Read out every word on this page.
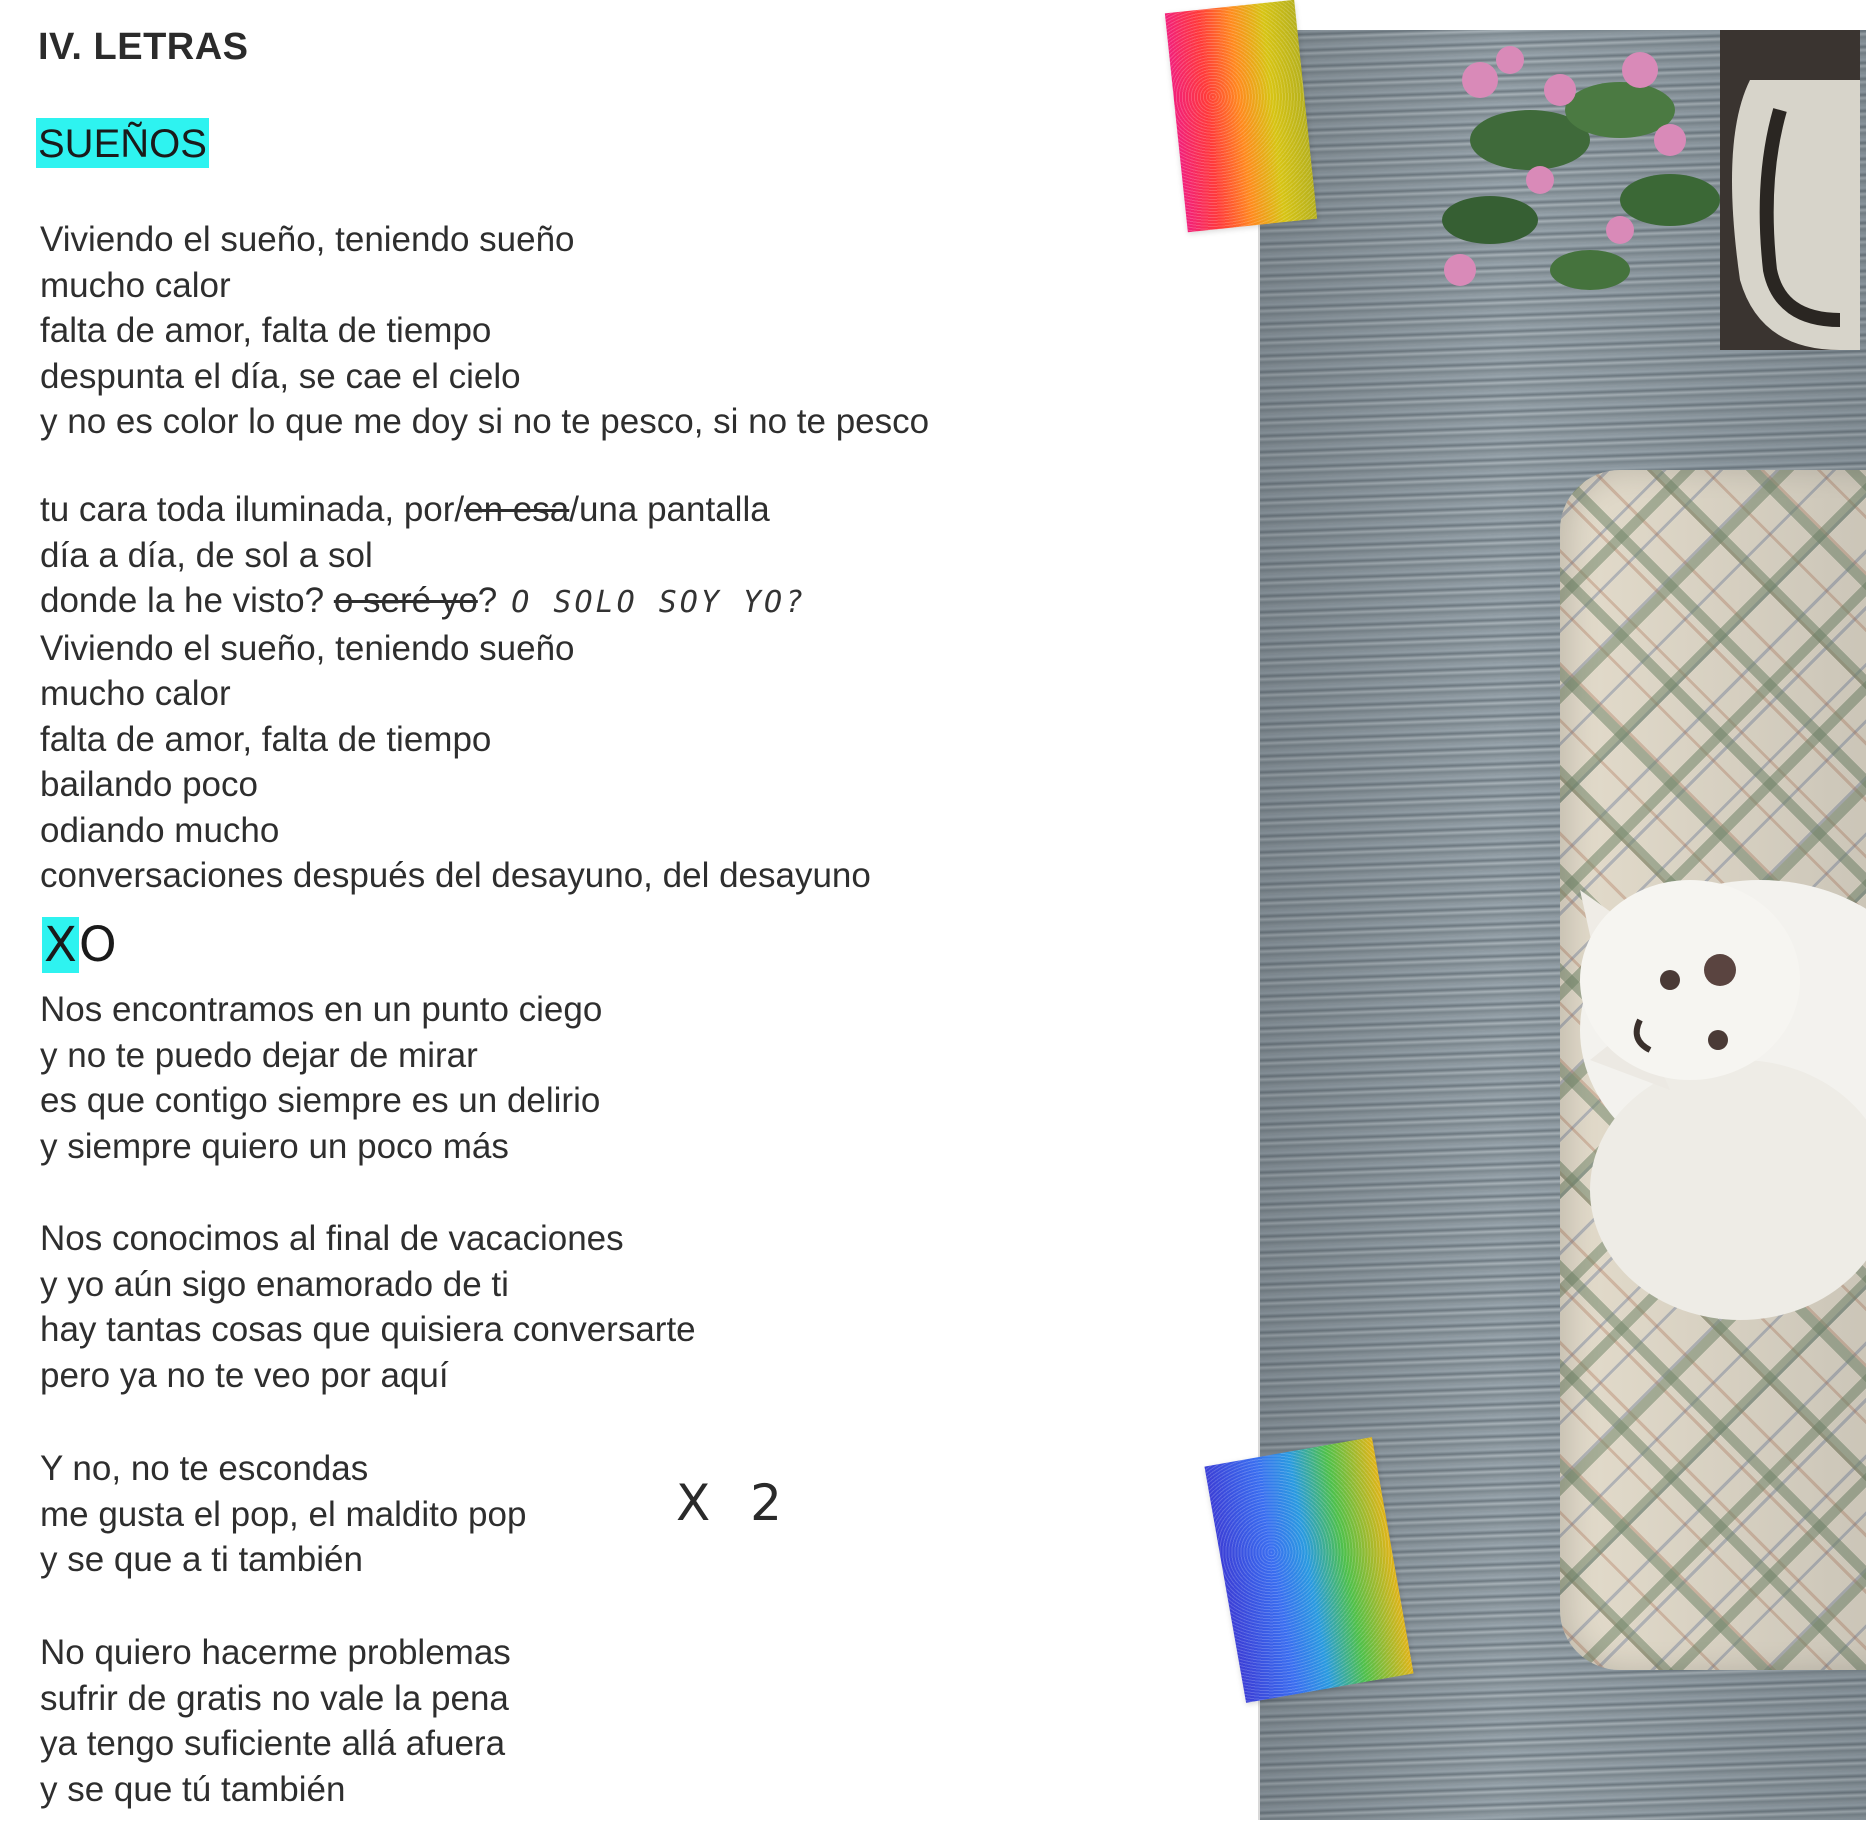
IV. LETRAS
SUEÑOS
Viviendo el sueño, teniendo sueño
mucho calor
falta de amor, falta de tiempo
despunta el día, se cae el cielo
y no es color lo que me doy si no te pesco, si no te pesco
tu cara toda iluminada, por/en esa/una pantalla
día a día, de sol a sol
donde la he visto? o seré yo? O SOLO SOY YO?
Viviendo el sueño, teniendo sueño
mucho calor
falta de amor, falta de tiempo
bailando poco
odiando mucho
conversaciones después del desayuno, del desayuno
XO
Nos encontramos en un punto ciego
y no te puedo dejar de mirar
es que contigo siempre es un delirio
y siempre quiero un poco más
Nos conocimos al final de vacaciones
y yo aún sigo enamorado de ti
hay tantas cosas que quisiera conversarte
pero ya no te veo por aquí
Y no, no te escondas
me gusta el pop, el maldito pop
y se que a ti también
X 2
No quiero hacerme problemas
sufrir de gratis no vale la pena
ya tengo suficiente allá afuera
y se que tú también
